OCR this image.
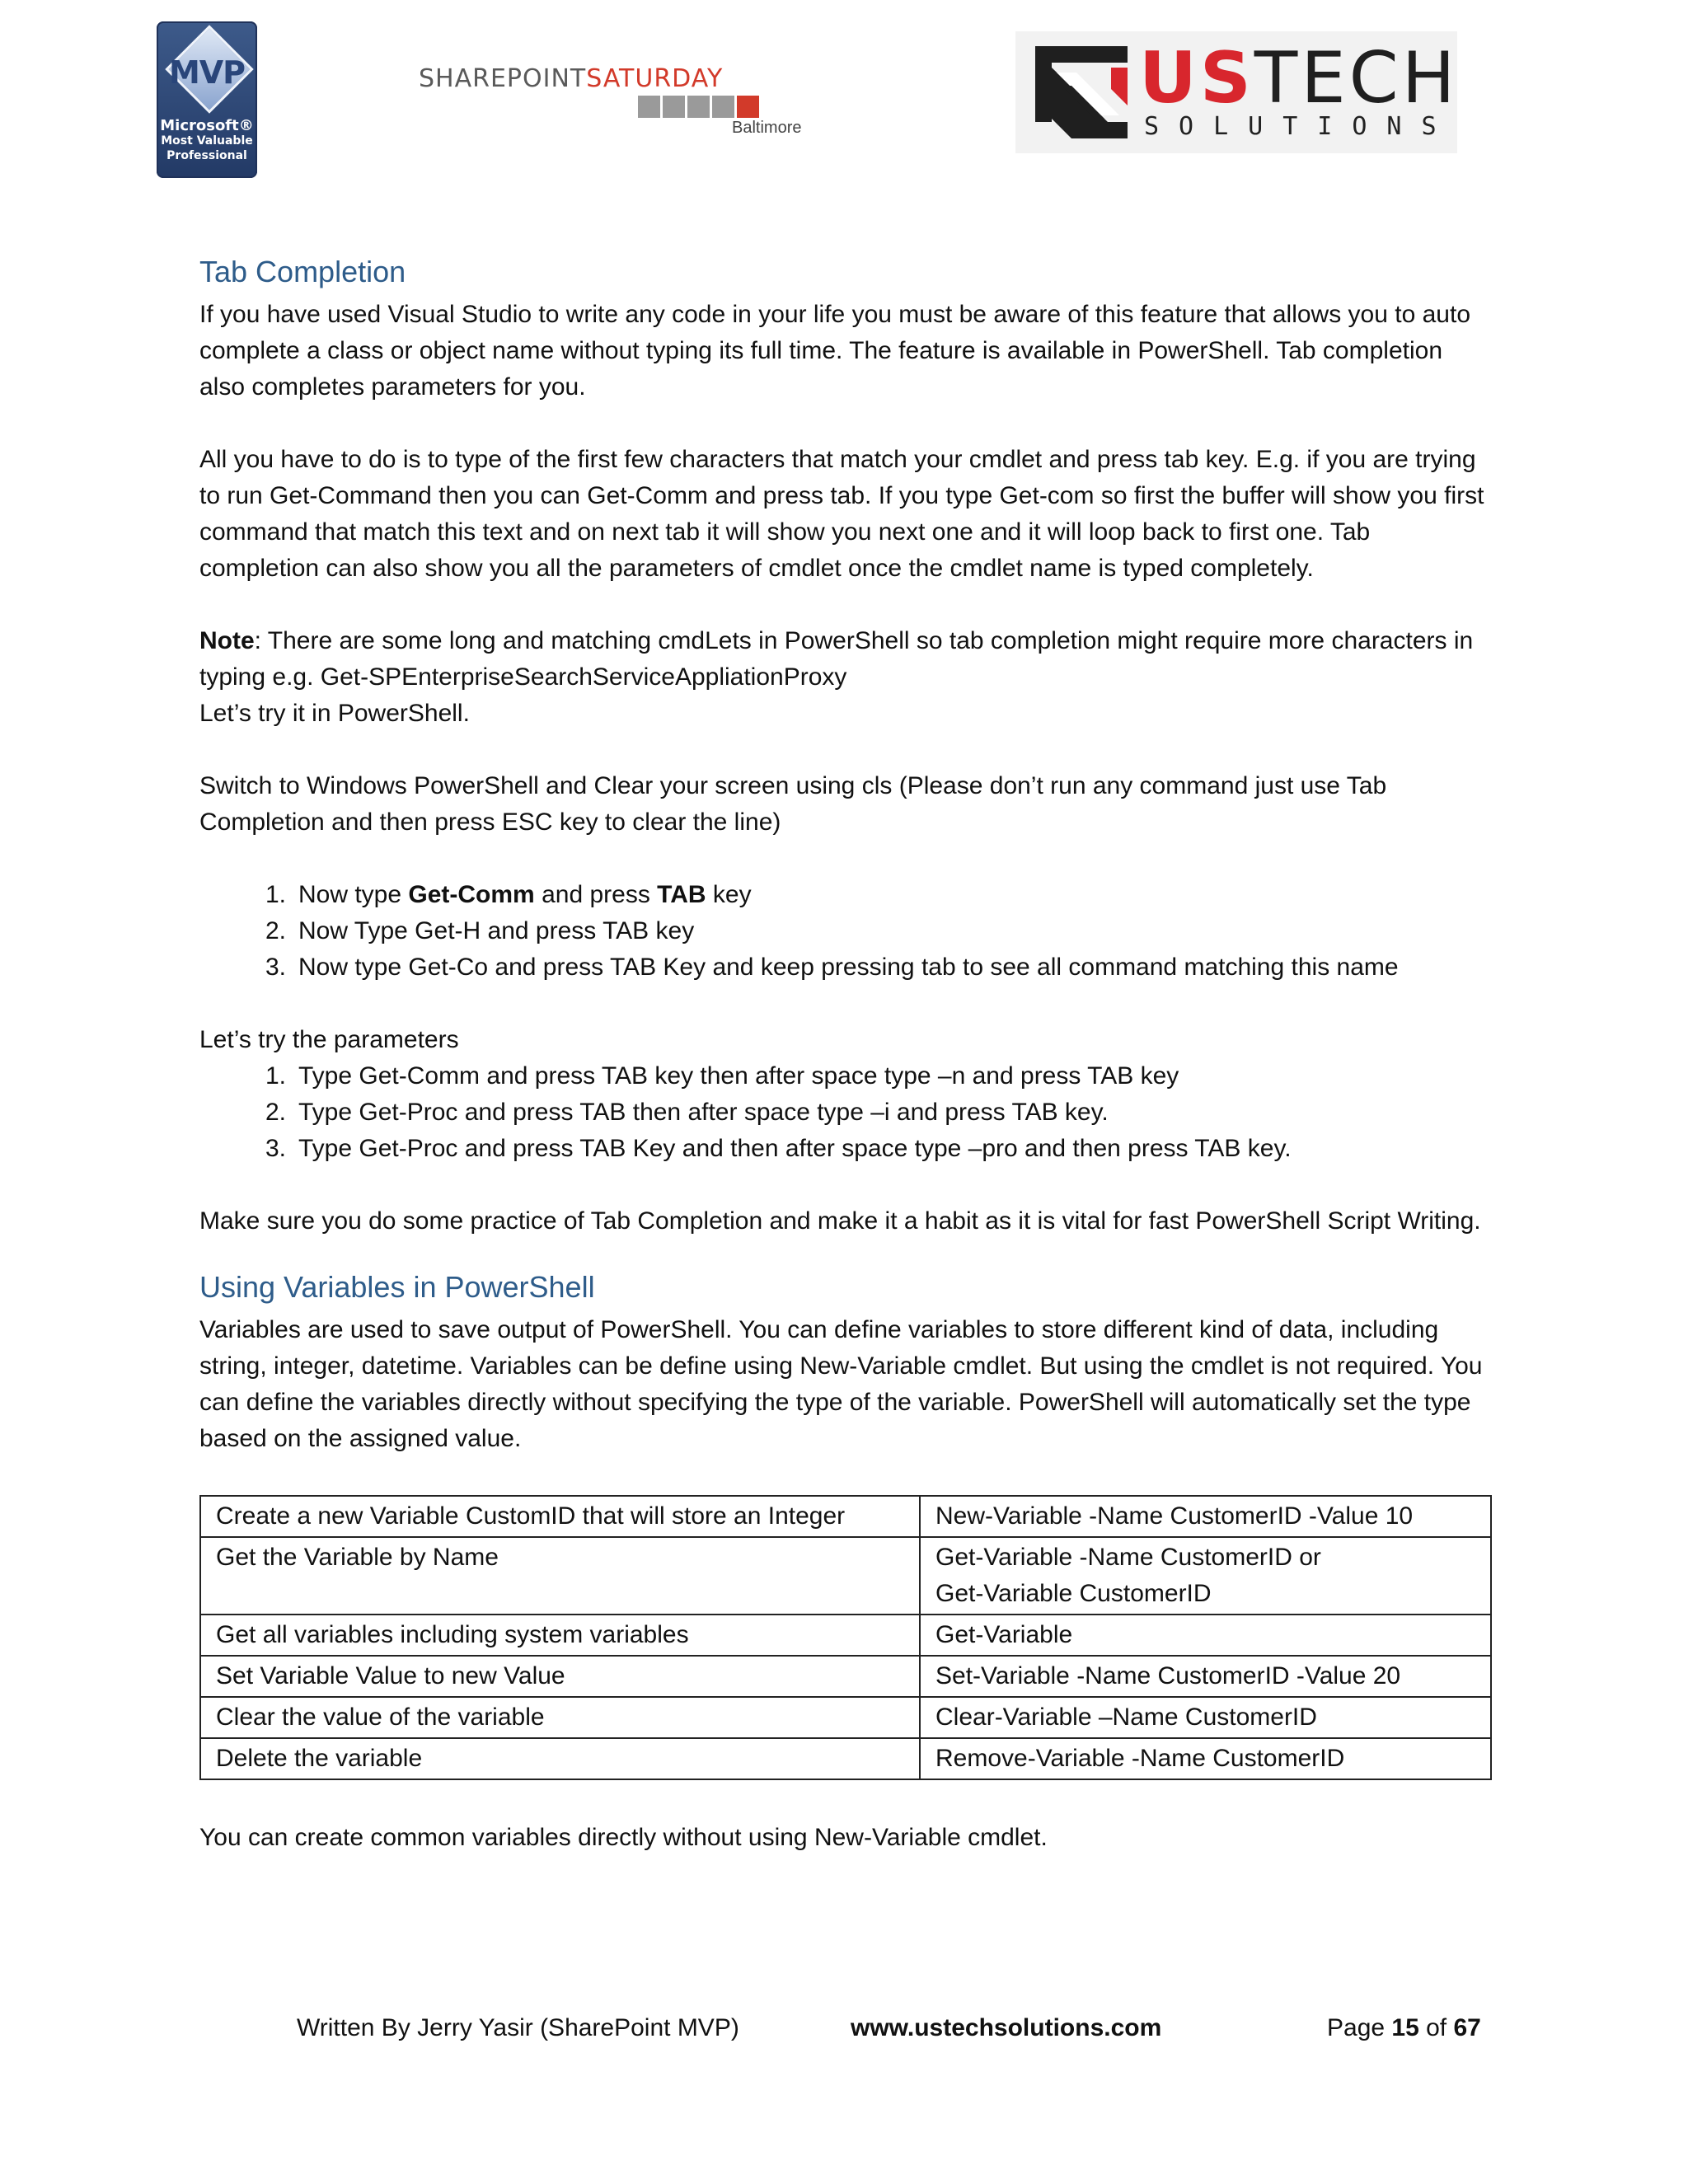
MVP
Microsoft®
Most Valuable
Professional
SHAREPOINTSATURDAY
Baltimore
USTECH
SOLUTIONS
Tab Completion

If you have used Visual Studio to write any code in your life you must be aware of this feature that allows you to auto complete a class or object name without typing its full time. The feature is available in PowerShell. Tab completion also completes parameters for you.

All you have to do is to type of the first few characters that match your cmdlet and press tab key. E.g. if you are trying to run Get-Command then you can Get-Comm and press tab. If you type Get-com so first the buffer will show you first command that match this text and on next tab it will show you next one and it will loop back to first one. Tab completion can also show you all the parameters of cmdlet once the cmdlet name is typed completely.

Note: There are some long and matching cmdLets in PowerShell so tab completion might require more characters in typing e.g. Get-SPEnterpriseSearchServiceAppliationProxy

Let’s try it in PowerShell.

Switch to Windows PowerShell and Clear your screen using cls (Please don’t run any command just use Tab Completion and then press ESC key to clear the line)

1. Now type Get-Comm and press TAB key
2. Now Type Get-H and press TAB key
3. Now type Get-Co and press TAB Key and keep pressing tab to see all command matching this name

Let’s try the parameters

1. Type Get-Comm and press TAB key then after space type –n and press TAB key
2. Type Get-Proc and press TAB then after space type –i and press TAB key.
3. Type Get-Proc and press TAB Key and then after space type –pro and then press TAB key.

Make sure you do some practice of Tab Completion and make it a habit as it is vital for fast PowerShell Script Writing.

Using Variables in PowerShell

Variables are used to save output of PowerShell. You can define variables to store different kind of data, including string, integer, datetime. Variables can be define using New-Variable cmdlet. But using the cmdlet is not required. You can define the variables directly without specifying the type of the variable. PowerShell will automatically set the type based on the assigned value.

Create a new Variable CustomID that will store an Integer	New-Variable -Name CustomerID -Value 10
Get the Variable by Name	Get-Variable -Name CustomerID or
Get-Variable CustomerID

Get all variables including system variables	Get-Variable
Set Variable Value to new Value	Set-Variable -Name CustomerID -Value 20
Clear the value of the variable	Clear-Variable –Name CustomerID
Delete the variable	Remove-Variable -Name CustomerID

You can create common variables directly without using New-Variable cmdlet.

Written By Jerry Yasir (SharePoint MVP)	www.ustechsolutions.com	Page 15 of 67
